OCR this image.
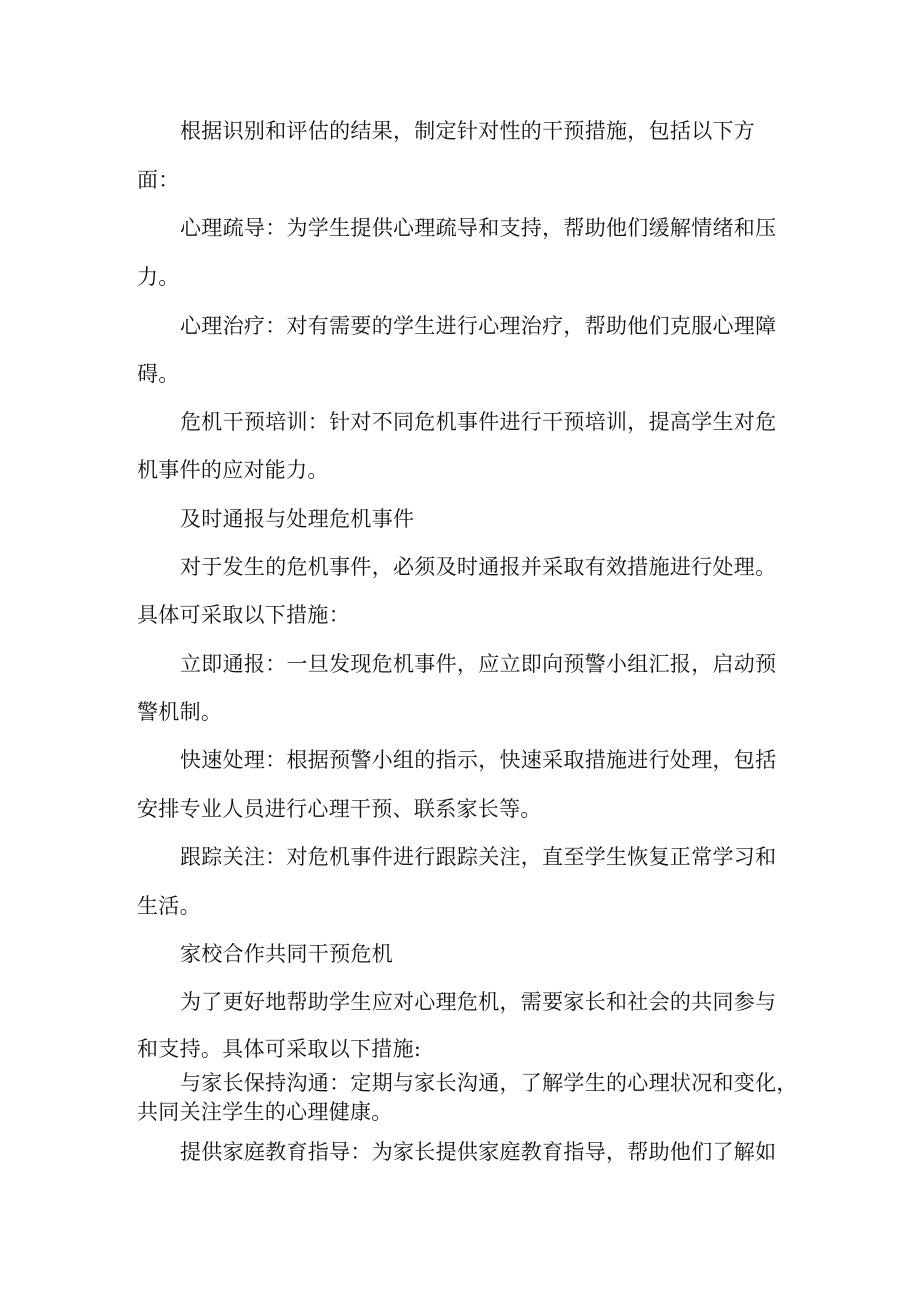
根据识别和评估的结果，制定针对性的干预措施，包括以下方
面：
心理疏导：为学生提供心理疏导和支持，帮助他们缓解情绪和压
力。
心理治疗：对有需要的学生进行心理治疗，帮助他们克服心理障
碍。
危机干预培训：针对不同危机事件进行干预培训，提高学生对危
机事件的应对能力。
及时通报与处理危机事件
对于发生的危机事件，必须及时通报并采取有效措施进行处理。
具体可采取以下措施：
立即通报：一旦发现危机事件，应立即向预警小组汇报，启动预
警机制。
快速处理：根据预警小组的指示，快速采取措施进行处理，包括
安排专业人员进行心理干预、联系家长等。
跟踪关注：对危机事件进行跟踪关注，直至学生恢复正常学习和
生活。
家校合作共同干预危机
为了更好地帮助学生应对心理危机，需要家长和社会的共同参与
和支持。具体可采取以下措施:
与家长保持沟通：定期与家长沟通，了解学生的心理状况和变化，
共同关注学生的心理健康。
提供家庭教育指导：为家长提供家庭教育指导，帮助他们了解如
